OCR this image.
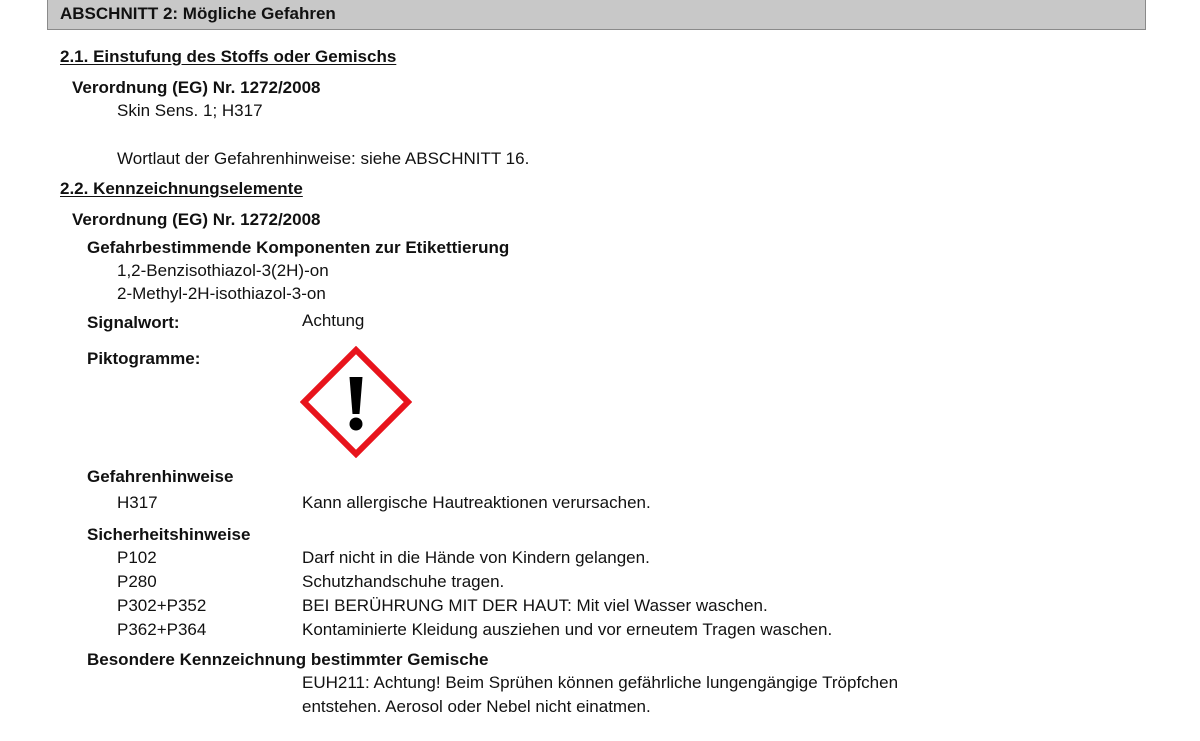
ABSCHNITT 2: Mögliche Gefahren
2.1. Einstufung des Stoffs oder Gemischs
Verordnung (EG) Nr. 1272/2008
Skin Sens. 1; H317
Wortlaut der Gefahrenhinweise: siehe ABSCHNITT 16.
2.2. Kennzeichnungselemente
Verordnung (EG) Nr. 1272/2008
Gefahrbestimmende Komponenten zur Etikettierung
1,2-Benzisothiazol-3(2H)-on
2-Methyl-2H-isothiazol-3-on
Signalwort:	Achtung
Piktogramme:
Gefahrenhinweise
H317	Kann allergische Hautreaktionen verursachen.
Sicherheitshinweise
P102	Darf nicht in die Hände von Kindern gelangen.
P280	Schutzhandschuhe tragen.
P302+P352	BEI BERÜHRUNG MIT DER HAUT: Mit viel Wasser waschen.
P362+P364	Kontaminierte Kleidung ausziehen und vor erneutem Tragen waschen.
Besondere Kennzeichnung bestimmter Gemische
EUH211: Achtung! Beim Sprühen können gefährliche lungengängige Tröpfchen
entstehen. Aerosol oder Nebel nicht einatmen.
